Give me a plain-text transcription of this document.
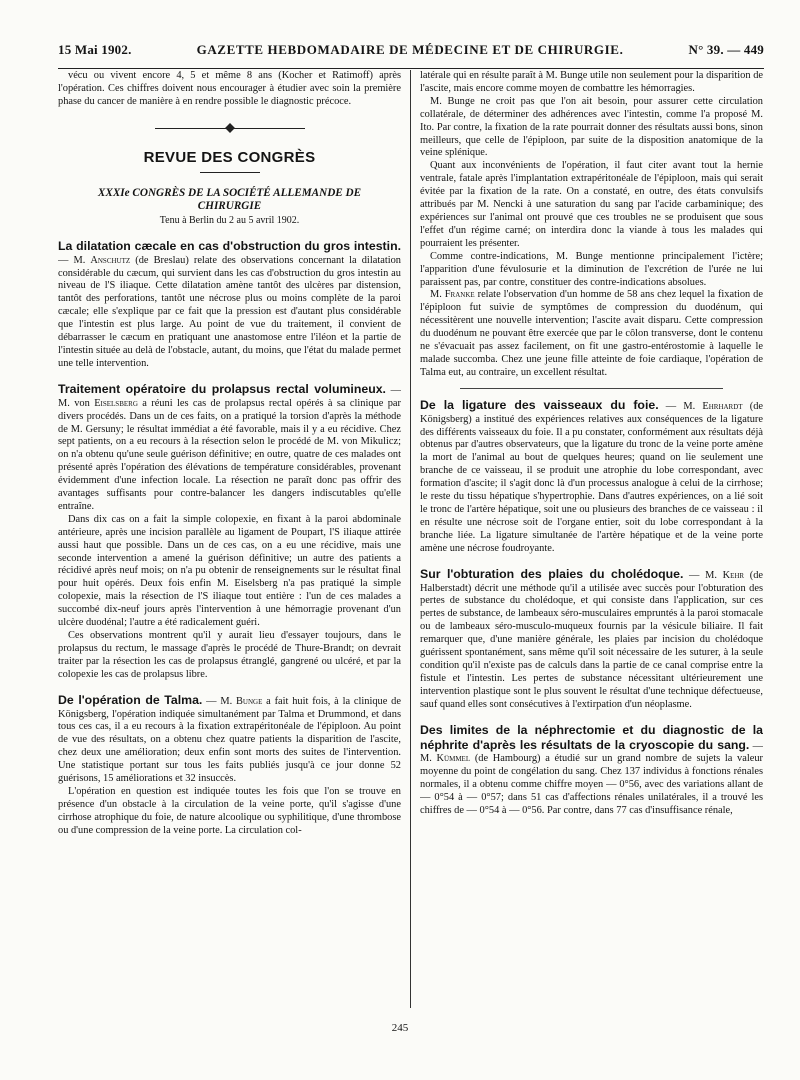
15 Mai 1902.	GAZETTE HEBDOMADAIRE DE MÉDECINE ET DE CHIRURGIE.	N° 39. — 449

vécu ou vivent encore 4, 5 et même 8 ans (Kocher et Ratimoff) après l'opération. Ces chiffres doivent nous encourager à étudier avec soin la première phase du cancer de manière à en rendre possible le diagnostic précoce.

REVUE DES CONGRÈS
XXXIe CONGRÈS DE LA SOCIÉTÉ ALLEMANDE DE CHIRURGIE
Tenu à Berlin du 2 au 5 avril 1902.

La dilatation cæcale en cas d'obstruction du gros intestin. — M. Anschutz (de Breslau) relate des observations concernant la dilatation considérable du cæcum, qui survient dans les cas d'obstruction du gros intestin au niveau de l'S iliaque. Cette dilatation amène tantôt des ulcères par distension, tantôt des perforations, tantôt une nécrose plus ou moins complète de la paroi cæcale; elle s'explique par ce fait que la pression est d'autant plus considérable que l'intestin est plus large. Au point de vue du traitement, il convient de débarrasser le cæcum en pratiquant une anastomose entre l'iléon et la partie de l'intestin située au delà de l'obstacle, autant, du moins, que l'état du malade permet une telle intervention.

Traitement opératoire du prolapsus rectal volumineux. — M. von Eiselsberg a réuni les cas de prolapsus rectal opérés à sa clinique par divers procédés. Dans un de ces faits, on a pratiqué la torsion d'après la méthode de M. Gersuny; le résultat immédiat a été favorable, mais il y a eu récidive. Chez sept patients, on a eu recours à la résection selon le procédé de M. von Mikulicz; on n'a obtenu qu'une seule guérison définitive; en outre, quatre de ces malades ont présenté après l'opération des élévations de température considérables, provenant évidemment d'une infection locale. La résection ne paraît donc pas offrir des avantages suffisants pour contre-balancer les dangers indiscutables qu'elle entraîne.

Dans dix cas on a fait la simple colopexie, en fixant à la paroi abdominale antérieure, après une incision parallèle au ligament de Poupart, l'S iliaque attirée aussi haut que possible. Dans un de ces cas, on a eu une récidive, mais une seconde intervention a amené la guérison définitive; un autre des patients a récidivé après neuf mois; on n'a pu obtenir de renseignements sur le résultat final pour huit opérés. Deux fois enfin M. Eiselsberg n'a pas pratiqué la simple colopexie, mais la résection de l'S iliaque tout entière : l'un de ces malades a succombé dix-neuf jours après l'intervention à une hémorragie provenant d'un ulcère duodénal; l'autre a été radicalement guéri.

Ces observations montrent qu'il y aurait lieu d'essayer toujours, dans le prolapsus du rectum, le massage d'après le procédé de Thure-Brandt; on devrait traiter par la résection les cas de prolapsus étranglé, gangrené ou ulcéré, et par la colopexie les cas de prolapsus libre.

De l'opération de Talma. — M. Bunge a fait huit fois, à la clinique de Königsberg, l'opération indiquée simultanément par Talma et Drummond, et dans tous ces cas, il a eu recours à la fixation extrapéritonéale de l'épiploon. Au point de vue des résultats, on a obtenu chez quatre patients la disparition de l'ascite, chez deux une amélioration; deux enfin sont morts des suites de l'intervention. Une statistique portant sur tous les faits publiés jusqu'à ce jour donne 52 guérisons, 15 améliorations et 32 insuccès.

L'opération en question est indiquée toutes les fois que l'on se trouve en présence d'un obstacle à la circulation de la veine porte, qu'il s'agisse d'une cirrhose atrophique du foie, de nature alcoolique ou syphilitique, d'une thrombose ou d'une compression de la veine porte. La circulation col-

latérale qui en résulte paraît à M. Bunge utile non seulement pour la disparition de l'ascite, mais encore comme moyen de combattre les hémorragies.

M. Bunge ne croit pas que l'on ait besoin, pour assurer cette circulation collatérale, de déterminer des adhérences avec l'intestin, comme l'a proposé M. Ito. Par contre, la fixation de la rate pourrait donner des résultats aussi bons, sinon meilleurs, que celle de l'épiploon, par suite de la disposition anatomique de la veine splénique.

Quant aux inconvénients de l'opération, il faut citer avant tout la hernie ventrale, fatale après l'implantation extrapéritonéale de l'épiploon, mais qui serait évitée par la fixation de la rate. On a constaté, en outre, des états convulsifs attribués par M. Nencki à une saturation du sang par l'acide carbaminique; des expériences sur l'animal ont prouvé que ces troubles ne se produisent que sous l'effet d'un régime carné; on interdira donc la viande à tous les malades qui pourraient les présenter.

Comme contre-indications, M. Bunge mentionne principalement l'ictère; l'apparition d'une févulosurie et la diminution de l'excrétion de l'urée ne lui paraissent pas, par contre, constituer des contre-indications absolues.

M. Franke relate l'observation d'un homme de 58 ans chez lequel la fixation de l'épiploon fut suivie de symptômes de compression du duodénum, qui nécessitèrent une nouvelle intervention; l'ascite avait disparu. Cette compression du duodénum ne pouvant être exercée que par le côlon transverse, dont le contenu ne s'évacuait pas assez facilement, on fit une gastro-entérostomie à laquelle le malade succomba. Chez une jeune fille atteinte de foie cardiaque, l'opération de Talma eut, au contraire, un excellent résultat.

De la ligature des vaisseaux du foie. — M. Ehrhardt (de Königsberg) a institué des expériences relatives aux conséquences de la ligature des différents vaisseaux du foie. Il a pu constater, conformément aux résultats déjà obtenus par d'autres observateurs, que la ligature du tronc de la veine porte amène la mort de l'animal au bout de quelques heures; quand on lie seulement une branche de ce vaisseau, il se produit une atrophie du lobe correspondant, avec formation d'ascite; il s'agit donc là d'un processus analogue à celui de la cirrhose; le reste du tissu hépatique s'hypertrophie. Dans d'autres expériences, on a lié soit le tronc de l'artère hépatique, soit une ou plusieurs des branches de ce vaisseau : il en résulte une nécrose soit de l'organe entier, soit du lobe correspondant à la branche liée. La ligature simultanée de l'artère hépatique et de la veine porte amène une nécrose foudroyante.

Sur l'obturation des plaies du cholédoque. — M. Kehr (de Halberstadt) décrit une méthode qu'il a utilisée avec succès pour l'obturation des pertes de substance du cholédoque, et qui consiste dans l'application, sur ces pertes de substance, de lambeaux séro-musculaires empruntés à la paroi stomacale ou de lambeaux séro-musculo-muqueux fournis par la vésicule biliaire. Il fait remarquer que, d'une manière générale, les plaies par incision du cholédoque guérissent spontanément, sans même qu'il soit nécessaire de les suturer, à la seule condition qu'il n'existe pas de calculs dans la partie de ce canal comprise entre la fistule et l'intestin. Les pertes de substance nécessitant ultérieurement une intervention plastique sont le plus souvent le résultat d'une technique défectueuse, sauf quand elles sont consécutives à l'extirpation d'un néoplasme.

Des limites de la néphrectomie et du diagnostic de la néphrite d'après les résultats de la cryoscopie du sang. — M. Kümmel (de Hambourg) a étudié sur un grand nombre de sujets la valeur moyenne du point de congélation du sang. Chez 137 individus à fonctions rénales normales, il a obtenu comme chiffre moyen — 0°56, avec des variations allant de — 0°54 à — 0°57; dans 51 cas d'affections rénales unilatérales, il a trouvé les chiffres de — 0°54 à — 0°56. Par contre, dans 77 cas d'insuffisance rénale,

245
